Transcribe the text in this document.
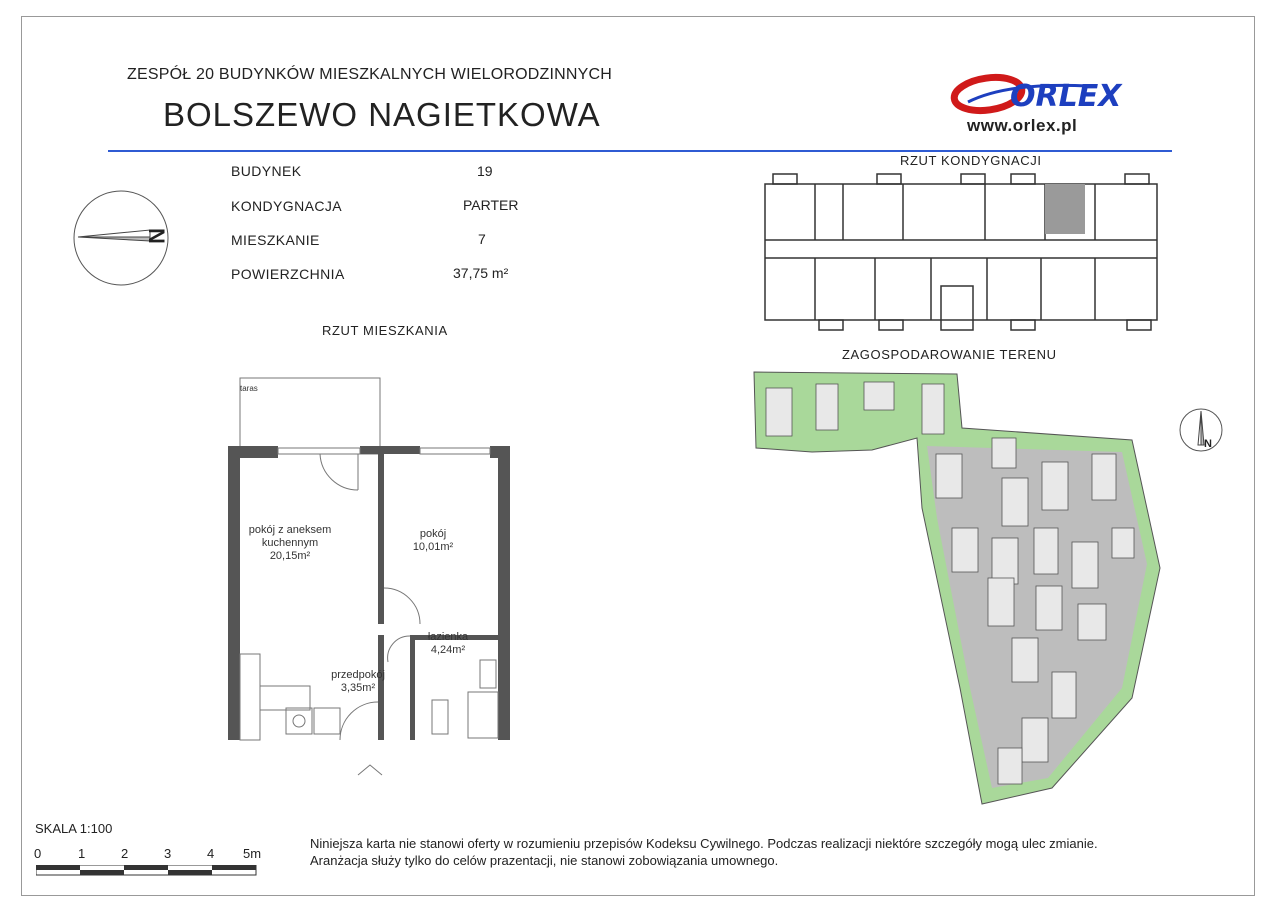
ZESPÓŁ 20 BUDYNKÓW MIESZKALNYCH WIELORODZINNYCH
BOLSZEWO NAGIETKOWA	ORLEX
www.orlex.pl
N
BUDYNEK	19
KONDYGNACJA	PARTER
MIESZKANIE	7
POWIERZCHNIA	37,75 m²
RZUT MIESZKANIA
RZUT KONDYGNACJI
ZAGOSPODAROWANIE TERENU
taras
pokój z aneksem
kuchennym
20,15m²
pokój
10,01m²
łazienka
4,24m²
przedpokój
3,35m²
N
SKALA 1:100
0	1	2	3	4 5m
Niniejsza karta nie stanowi oferty w rozumieniu przepisów Kodeksu Cywilnego. Podczas realizacji niektóre szczegóły mogą ulec zmianie.
Aranżacja służy tylko do celów prazentacji, nie stanowi zobowiązania umownego.
